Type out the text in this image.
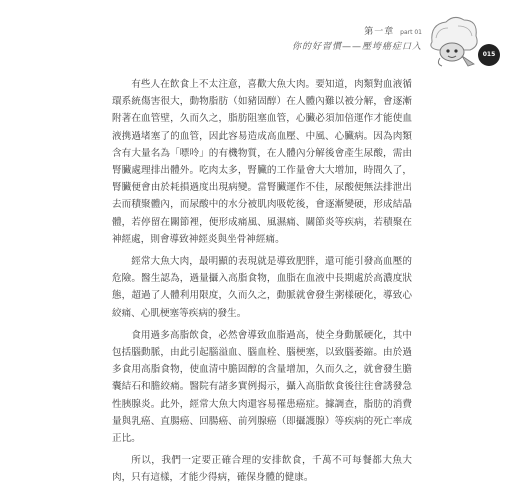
第一章 part 01
你的好習慣——壓垮癌症口入
015

有些人在飲食上不太注意，喜歡大魚大肉。要知道，肉類對血液循環系統傷害很大，動物脂肪（如豬固醇）在人體內難以被分解，會逐漸附著在血管壁，久而久之，脂肪阻塞血管，心臟必須加倍運作才能使血液携過堵塞了的血管，因此容易造成高血壓、中風、心臟病。因為肉類含有大量名為「嘌呤」的有機物質，在人體內分解後會產生尿酸，需由腎臟處理排出體外。吃肉太多，腎臟的工作量會大大增加，時間久了，腎臟便會由於耗損過度出現病變。當腎臟運作不佳，尿酸便無法排泄出去而積聚體內，而尿酸中的水分被肌肉吸乾後，會逐漸變硬，形成結晶體，若停留在關節裡，便形成痛風、風濕痛、關節炎等疾病，若積聚在神經處，則會導致神經炎與坐骨神經痛。

經常大魚大肉，最明顯的表現就是導致肥胖，還可能引發高血壓的危險。醫生認為，過量攝入高脂食物，血脂在血液中長期處於高濃度狀態，超過了人體利用限度，久而久之，動脈就會發生粥樣硬化，導致心絞痛、心肌梗塞等疾病的發生。

食用過多高脂飲食，必然會導致血脂過高，使全身動脈硬化，其中包括腦動脈，由此引起腦溢血、腦血栓、腦梗塞，以致腦萎縮。由於過多食用高脂食物，使血清中膽固醇的含量增加，久而久之，就會發生膽囊結石和膽絞痛。醫院有諸多實例揭示，攝入高脂飲食後往往會誘發急性胰腺炎。此外，經常大魚大肉還容易罹患癌症。據調查，脂肪的消費量與乳癌、直腸癌、回腸癌、前列腺癌（即攝護腺）等疾病的死亡率成正比。

所以，我們一定要正確合理的安排飲食，千萬不可每餐都大魚大肉，只有這樣，才能少得病，確保身體的健康。
